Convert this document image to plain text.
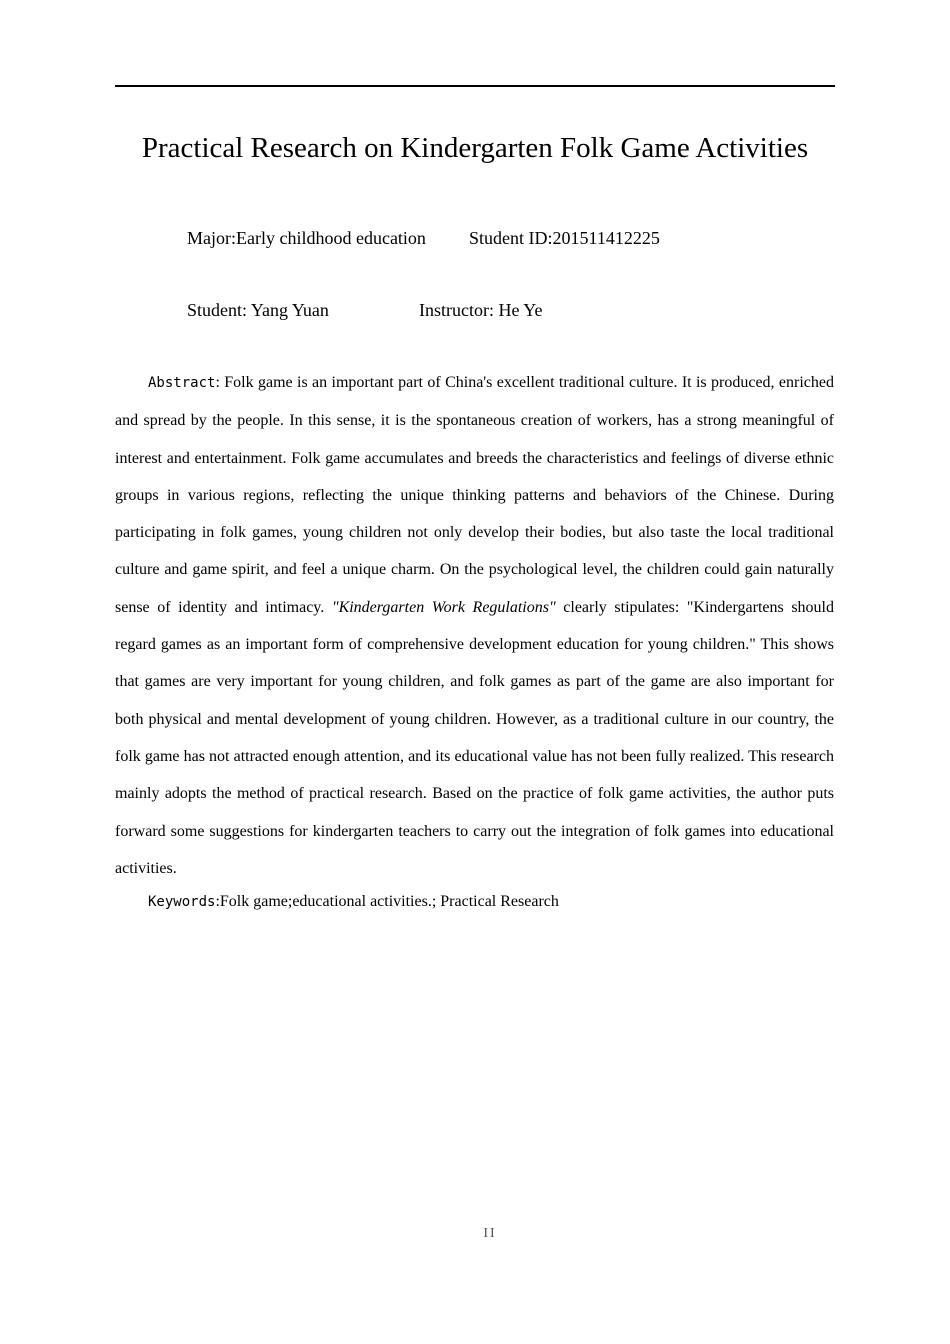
Practical Research on Kindergarten Folk Game Activities
Major:Early childhood education Student ID:201511412225
Student: Yang Yuan	Instructor: He Ye

Abstract: Folk game is an important part of China's excellent traditional culture. It is produced, enriched and spread by the people. In this sense, it is the spontaneous creation of workers, has a strong meaningful of interest and entertainment. Folk game accumulates and breeds the characteristics and feelings of diverse ethnic groups in various regions, reflecting the unique thinking patterns and behaviors of the Chinese. During participating in folk games, young children not only develop their bodies, but also taste the local traditional culture and game spirit, and feel a unique charm. On the psychological level, the children could gain naturally sense of identity and intimacy. "Kindergarten Work Regulations" clearly stipulates: "Kindergartens should regard games as an important form of comprehensive development education for young children." This shows that games are very important for young children, and folk games as part of the game are also important for both physical and mental development of young children. However, as a traditional culture in our country, the folk game has not attracted enough attention, and its educational value has not been fully realized. This research mainly adopts the method of practical research. Based on the practice of folk game activities, the author puts forward some suggestions for kindergarten teachers to carry out the integration of folk games into educational activities.

Keywords:Folk game;educational activities.; Practical Research
II
